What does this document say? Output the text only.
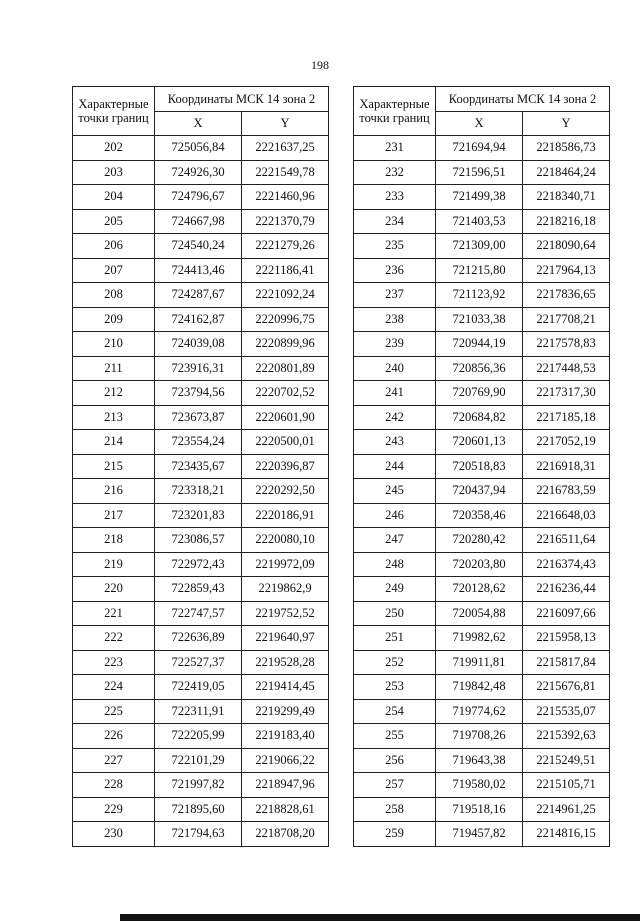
198
Характерные точки границ	Координаты МСК 14 зона 2	
	X	Y
202	725056,84	2221637,25
203	724926,30	2221549,78
204	724796,67	2221460,96
205	724667,98	2221370,79
206	724540,24	2221279,26
207	724413,46	2221186,41
208	724287,67	2221092,24
209	724162,87	2220996,75
210	724039,08	2220899,96
211	723916,31	2220801,89
212	723794,56	2220702,52
213	723673,87	2220601,90
214	723554,24	2220500,01
215	723435,67	2220396,87
216	723318,21	2220292,50
217	723201,83	2220186,91
218	723086,57	2220080,10
219	722972,43	2219972,09
220	722859,43	2219862,9
221	722747,57	2219752,52
222	722636,89	2219640,97
223	722527,37	2219528,28
224	722419,05	2219414,45
225	722311,91	2219299,49
226	722205,99	2219183,40
227	722101,29	2219066,22
228	721997,82	2218947,96
229	721895,60	2218828,61
230	721794,63	2218708,20
Характерные точки границ	Координаты МСК 14 зона 2	
	X	Y
231	721694,94	2218586,73
232	721596,51	2218464,24
233	721499,38	2218340,71
234	721403,53	2218216,18
235	721309,00	2218090,64
236	721215,80	2217964,13
237	721123,92	2217836,65
238	721033,38	2217708,21
239	720944,19	2217578,83
240	720856,36	2217448,53
241	720769,90	2217317,30
242	720684,82	2217185,18
243	720601,13	2217052,19
244	720518,83	2216918,31
245	720437,94	2216783,59
246	720358,46	2216648,03
247	720280,42	2216511,64
248	720203,80	2216374,43
249	720128,62	2216236,44
250	720054,88	2216097,66
251	719982,62	2215958,13
252	719911,81	2215817,84
253	719842,48	2215676,81
254	719774,62	2215535,07
255	719708,26	2215392,63
256	719643,38	2215249,51
257	719580,02	2215105,71
258	719518,16	2214961,25
259	719457,82	2214816,15
